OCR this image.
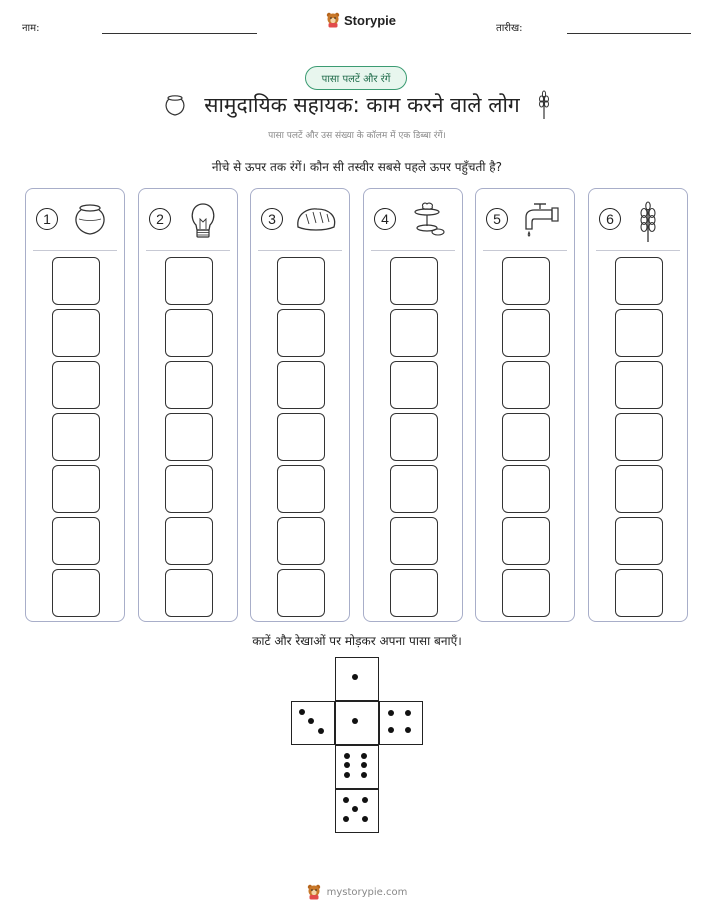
नाम:
Storypie
तारीख:
पासा पलटें और रंगें
सामुदायिक सहायक: काम करने वाले लोग
पासा पलटें और उस संख्या के कॉलम में एक डिब्बा रंगें।
नीचे से ऊपर तक रंगें। कौन सी तस्वीर सबसे पहले ऊपर पहुँचती है?
1	2	3	4	5	6
काटें और रेखाओं पर मोड़कर अपना पासा बनाएँ।
mystorypie.com
